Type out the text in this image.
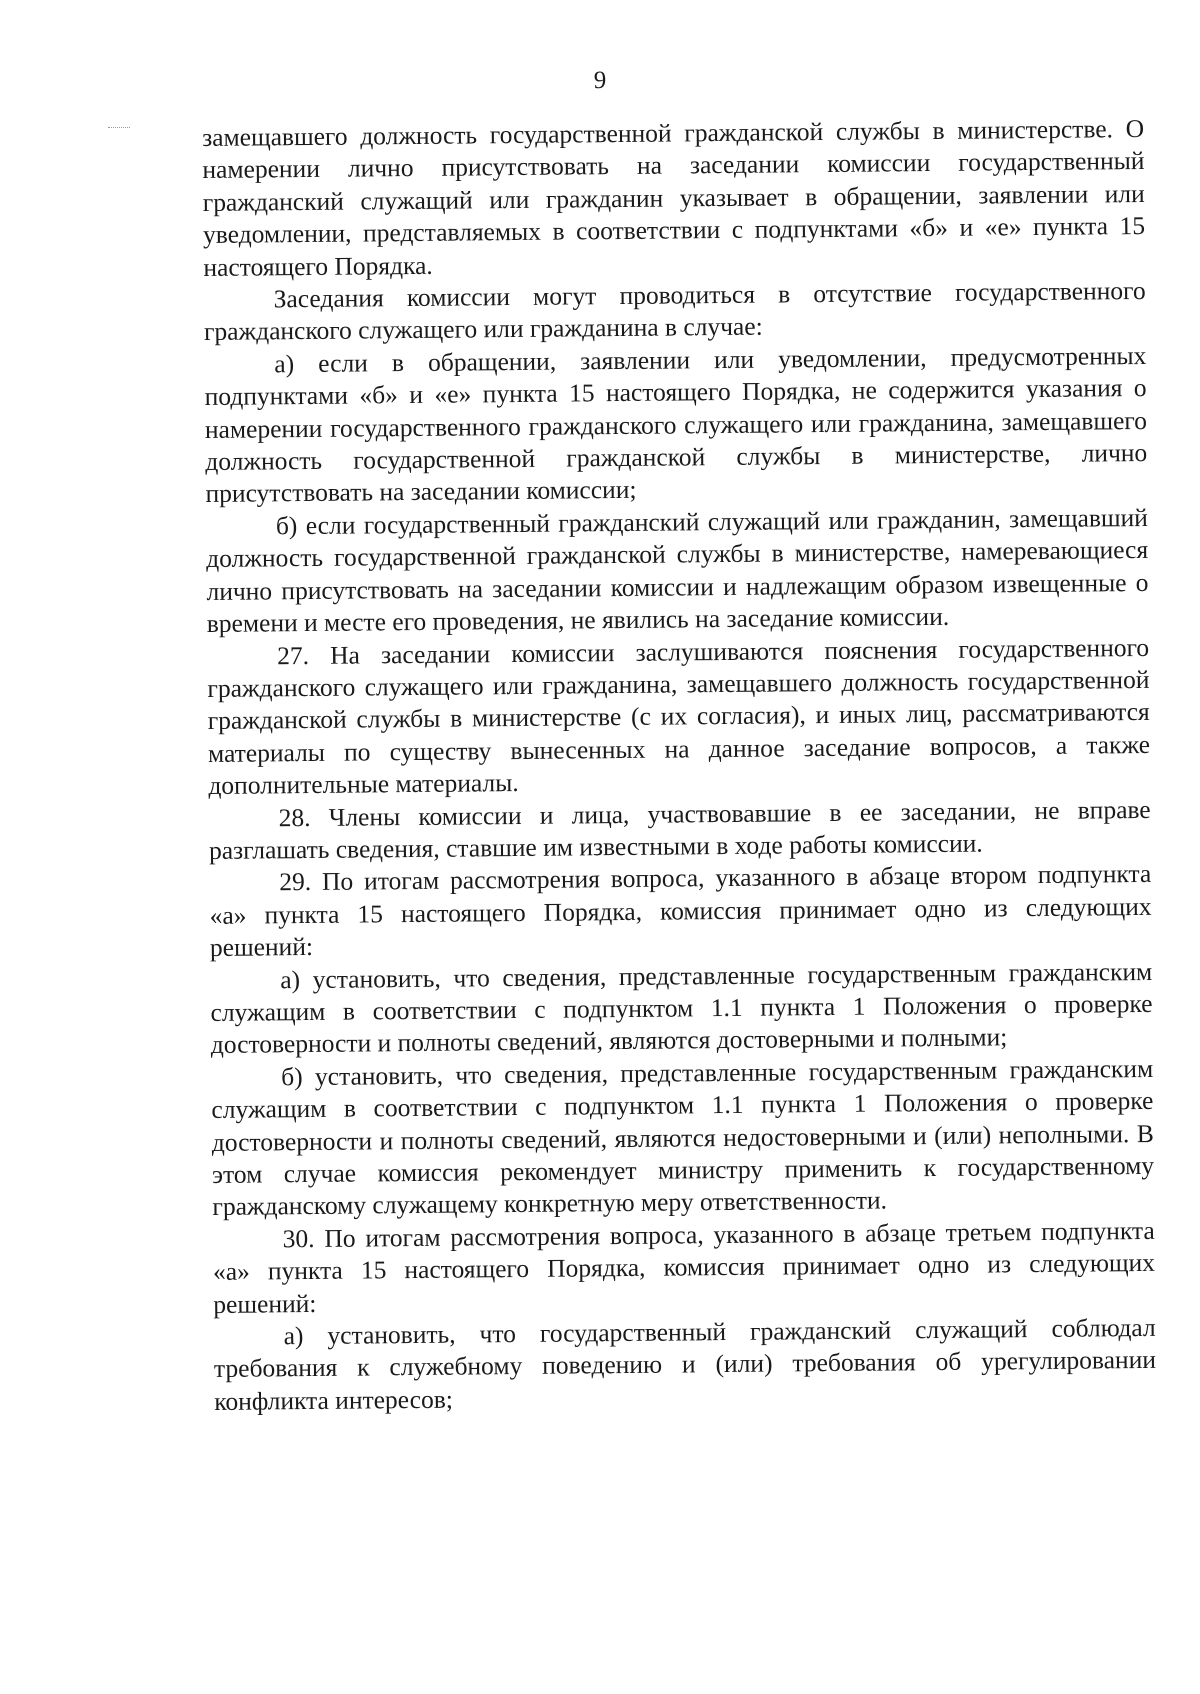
9

замещавшего должность государственной гражданской службы в министерстве. О намерении лично присутствовать на заседании комиссии государственный гражданский служащий или гражданин указывает в обращении, заявлении или уведомлении, представляемых в соответствии с подпунктами «б» и «е» пункта 15 настоящего Порядка.

Заседания комиссии могут проводиться в отсутствие государственного гражданского служащего или гражданина в случае:

а) если в обращении, заявлении или уведомлении, предусмотренных подпунктами «б» и «е» пункта 15 настоящего Порядка, не содержится указания о намерении государственного гражданского служащего или гражданина, замещавшего должность государственной гражданской службы в министерстве, лично присутствовать на заседании комиссии;

б) если государственный гражданский служащий или гражданин, замещавший должность государственной гражданской службы в министерстве, намеревающиеся лично присутствовать на заседании комиссии и надлежащим образом извещенные о времени и месте его проведения, не явились на заседание комиссии.

27. На заседании комиссии заслушиваются пояснения государственного гражданского служащего или гражданина, замещавшего должность государственной гражданской службы в министерстве (с их согласия), и иных лиц, рассматриваются материалы по существу вынесенных на данное заседание вопросов, а также дополнительные материалы.

28. Члены комиссии и лица, участвовавшие в ее заседании, не вправе разглашать сведения, ставшие им известными в ходе работы комиссии.

29. По итогам рассмотрения вопроса, указанного в абзаце втором подпункта «а» пункта 15 настоящего Порядка, комиссия принимает одно из следующих решений:

а) установить, что сведения, представленные государственным гражданским служащим в соответствии с подпунктом 1.1 пункта 1 Положения о проверке достоверности и полноты сведений, являются достоверными и полными;

б) установить, что сведения, представленные государственным гражданским служащим в соответствии с подпунктом 1.1 пункта 1 Положения о проверке достоверности и полноты сведений, являются недостоверными и (или) неполными. В этом случае комиссия рекомендует министру применить к государственному гражданскому служащему конкретную меру ответственности.

30. По итогам рассмотрения вопроса, указанного в абзаце третьем подпункта «а» пункта 15 настоящего Порядка, комиссия принимает одно из следующих решений:

а) установить, что государственный гражданский служащий соблюдал требования к служебному поведению и (или) требования об урегулировании конфликта интересов;
